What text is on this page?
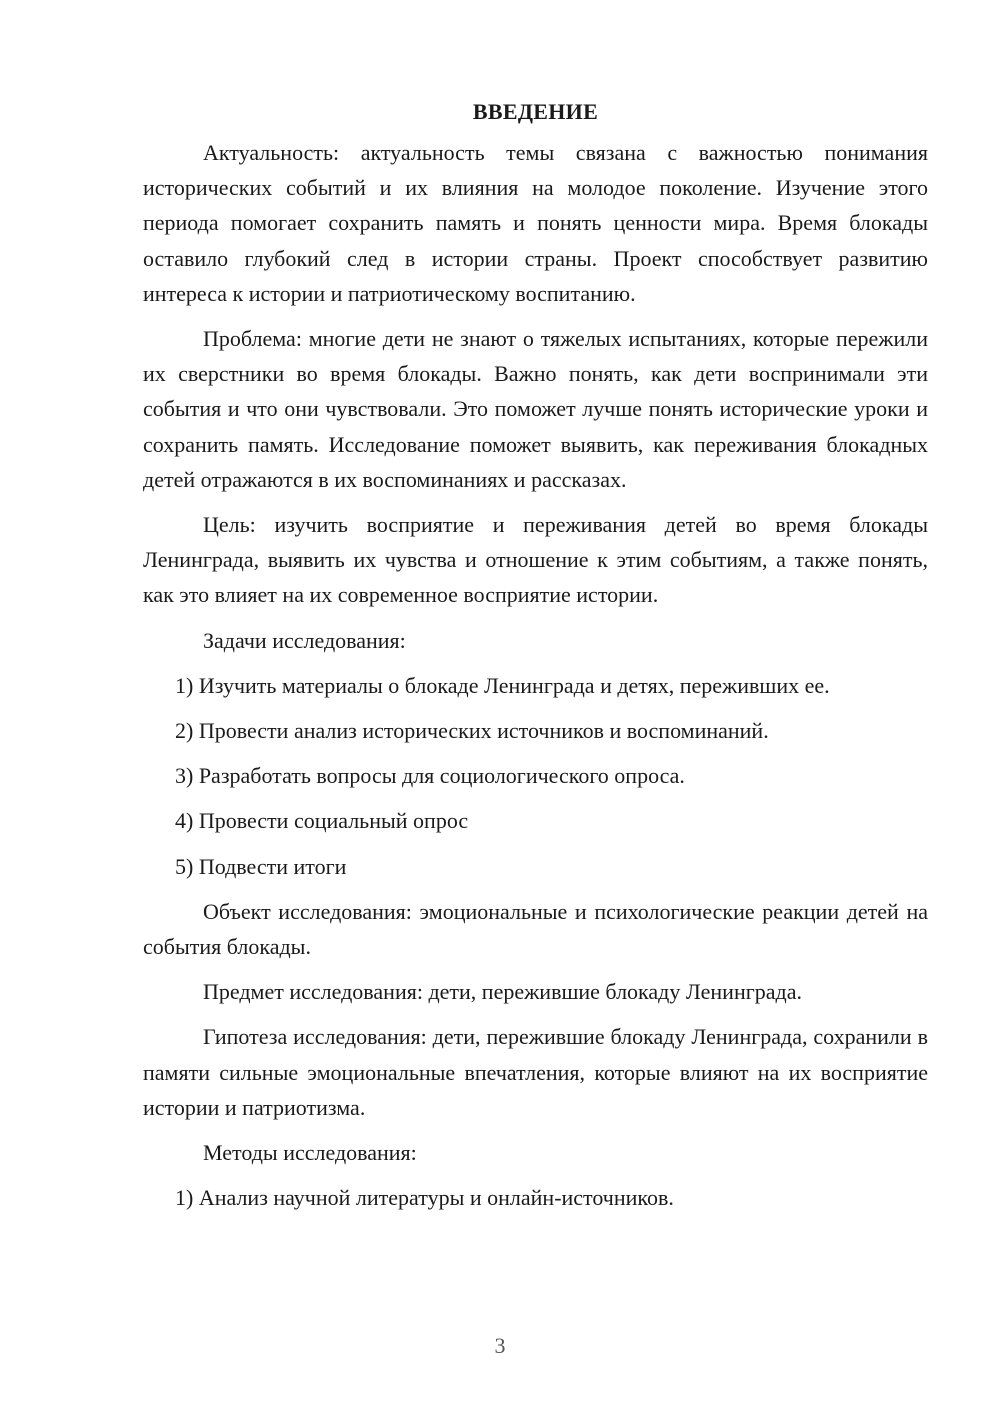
ВВЕДЕНИЕ

Актуальность: актуальность темы связана с важностью понимания исторических событий и их влияния на молодое поколение. Изучение этого периода помогает сохранить память и понять ценности мира. Время блокады оставило глубокий след в истории страны. Проект способствует развитию интереса к истории и патриотическому воспитанию.

Проблема: многие дети не знают о тяжелых испытаниях, которые пережили их сверстники во время блокады. Важно понять, как дети воспринимали эти события и что они чувствовали. Это поможет лучше понять исторические уроки и сохранить память. Исследование поможет выявить, как переживания блокадных детей отражаются в их воспоминаниях и рассказах.

Цель: изучить восприятие и переживания детей во время блокады Ленинграда, выявить их чувства и отношение к этим событиям, а также понять, как это влияет на их современное восприятие истории.

Задачи исследования:

1) Изучить материалы о блокаде Ленинграда и детях, переживших ее.

2) Провести анализ исторических источников и воспоминаний.

3) Разработать вопросы для социологического опроса.

4) Провести социальный опрос

5) Подвести итоги

Объект исследования: эмоциональные и психологические реакции детей на события блокады.

Предмет исследования: дети, пережившие блокаду Ленинграда.

Гипотеза исследования: дети, пережившие блокаду Ленинграда, сохранили в памяти сильные эмоциональные впечатления, которые влияют на их восприятие истории и патриотизма.

Методы исследования:

1) Анализ научной литературы и онлайн-источников.

3
